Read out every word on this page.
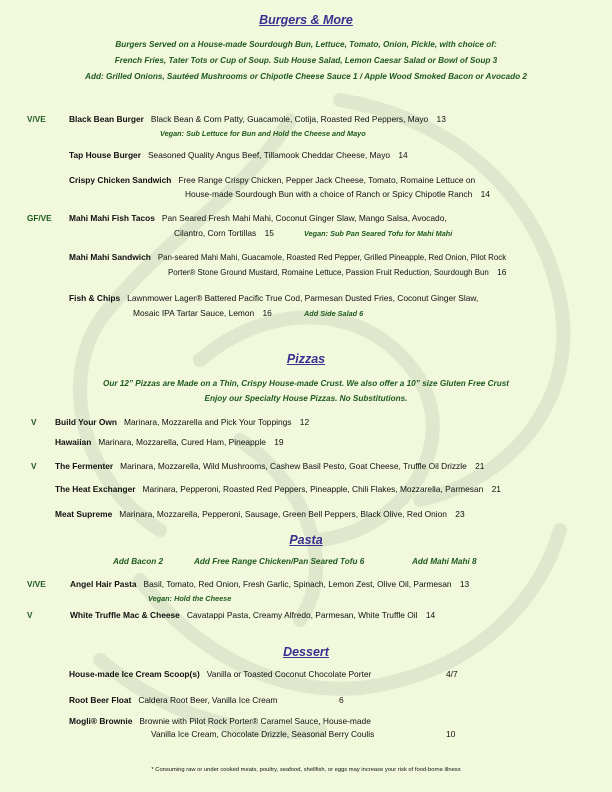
Burgers & More
Burgers Served on a House-made Sourdough Bun, Lettuce, Tomato, Onion, Pickle, with choice of:
French Fries, Tater Tots or Cup of Soup. Sub House Salad, Lemon Caesar Salad or Bowl of Soup 3
Add: Grilled Onions, Sautéed Mushrooms or Chipotle Cheese Sauce 1 / Apple Wood Smoked Bacon or Avocado 2
V/VE	Black Bean Burger Black Bean & Corn Patty, Guacamole, Cotija, Roasted Red Peppers, Mayo 13
Vegan: Sub Lettuce for Bun and Hold the Cheese and Mayo
Tap House Burger Seasoned Quality Angus Beef, Tillamook Cheddar Cheese, Mayo 14
Crispy Chicken Sandwich Free Range Crispy Chicken, Pepper Jack Cheese, Tomato, Romaine Lettuce on
House-made Sourdough Bun with a choice of Ranch or Spicy Chipotle Ranch 14
GF/VE Mahi Mahi Fish Tacos Pan Seared Fresh Mahi Mahi, Coconut Ginger Slaw, Mango Salsa, Avocado,
Cilantro, Corn Tortillas 15	Vegan: Sub Pan Seared Tofu for Mahi Mahi
Mahi Mahi Sandwich Pan-seared Mahi Mahi, Guacamole, Roasted Red Pepper, Grilled Pineapple, Red Onion, Pilot Rock
Porter® Stone Ground Mustard, Romaine Lettuce, Passion Fruit Reduction, Sourdough Bun 16
Fish & Chips Lawnmower Lager® Battered Pacific True Cod, Parmesan Dusted Fries, Coconut Ginger Slaw,
Mosaic IPA Tartar Sauce, Lemon 16	Add Side Salad 6
Pizzas
Our 12” Pizzas are Made on a Thin, Crispy House-made Crust. We also offer a 10” size Gluten Free Crust
Enjoy our Specialty House Pizzas. No Substitutions.
V Build Your Own Marinara, Mozzarella and Pick Your Toppings 12
Hawaiian Marinara, Mozzarella, Cured Ham, Pineapple 19
V The Fermenter Marinara, Mozzarella, Wild Mushrooms, Cashew Basil Pesto, Goat Cheese, Truffle Oil Drizzle 21
The Heat Exchanger Marinara, Pepperoni, Roasted Red Peppers, Pineapple, Chili Flakes, Mozzarella, Parmesan 21
Meat Supreme Marinara, Mozzarella, Pepperoni, Sausage, Green Bell Peppers, Black Olive, Red Onion 23
Pasta
Add Bacon 2	Add Free Range Chicken/Pan Seared Tofu 6	Add Mahi Mahi 8
V/VE	Angel Hair Pasta Basil, Tomato, Red Onion, Fresh Garlic, Spinach, Lemon Zest, Olive Oil, Parmesan 13
Vegan: Hold the Cheese
V	White Truffle Mac & Cheese Cavatappi Pasta, Creamy Alfredo, Parmesan, White Truffle Oil 14
Dessert
House-made Ice Cream Scoop(s) Vanilla or Toasted Coconut Chocolate Porter	4/7
Root Beer Float Caldera Root Beer, Vanilla Ice Cream	6
Mogli® Brownie Brownie with Pilot Rock Porter® Caramel Sauce, House-made
Vanilla Ice Cream, Chocolate Drizzle, Seasonal Berry Coulis	10
* Consuming raw or under cooked meats, poultry, seafood, shellfish, or eggs may increase your risk of food-borne illness
